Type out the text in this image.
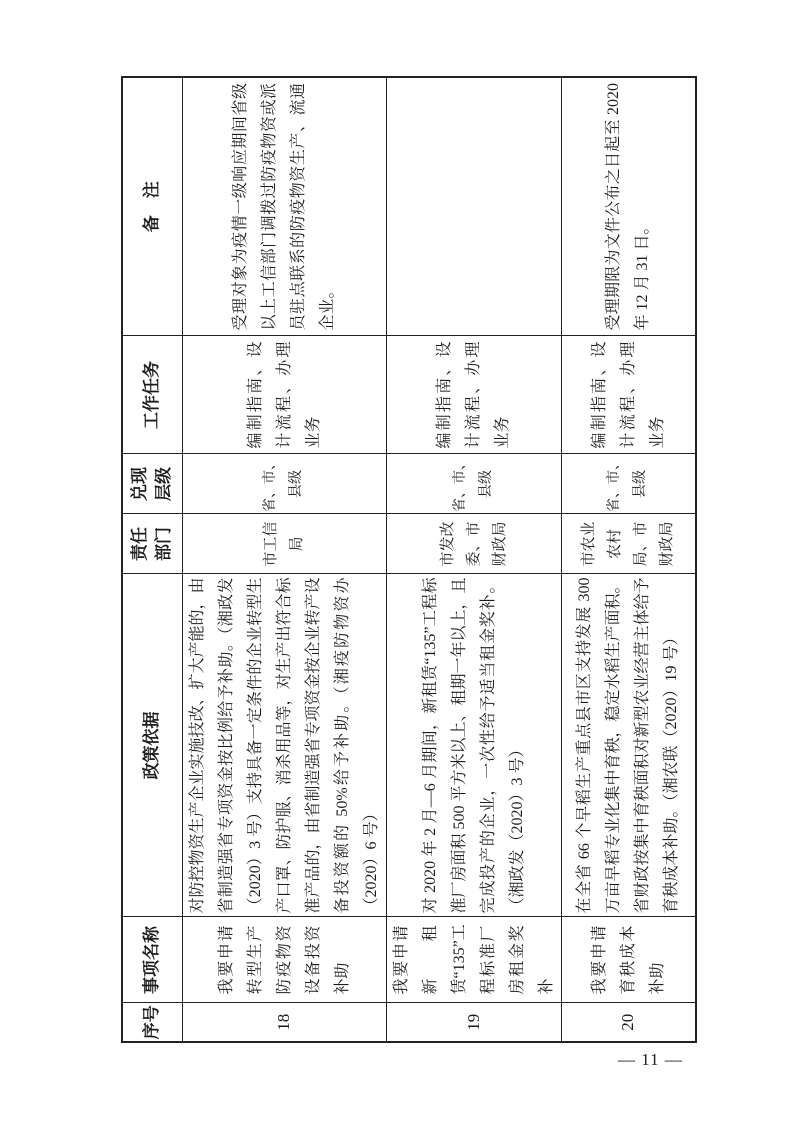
序号	事项名称	政策依据	责任部门	兑现层级	工作任务	备　注
18	我要申请转型生产防疫物资设备投资补助	对防控物资生产企业实施技改、扩大产能的，由省制造强省专项资金按比例给予补助。（湘政发（2020）3 号）支持具备一定条件的企业转型生产口罩、防护服、消杀用品等，对生产出符合标准产品的，由省制造强省专项资金按企业转产设备投资额的 50%给予补助。（湘疫防物资办（2020）6 号）	市工信局	省、市、县级	编制指南、设计流程、办理业务	受理对象为疫情一级响应期间省级以上工信部门调拨过防疫物资或派员驻点联系的防疫物资生产、流通企业。
19	我要申请新租赁“135”工程标准厂房租金奖补	对 2020 年 2 月—6 月期间，新租赁“135”工程标准厂房面积 500 平方米以上、租期一年以上，且完成投产的企业，一次性给予适当租金奖补。（湘政发（2020）3 号）	市发改委、市财政局	省、市、县级	编制指南、设计流程、办理业务	
20	我要申请育秧成本补助	在全省 66 个早稻生产重点县市区支持发展 300 万亩早稻专业化集中育秧，稳定水稻生产面积。省财政按集中育秧面积对新型农业经营主体给予育秧成本补助。（湘农联（2020）19 号）	市农业农村局、市财政局	省、市、县级	编制指南、设计流程、办理业务	受理期限为文件公布之日起至 2020 年 12 月 31 日。
— 11 —
